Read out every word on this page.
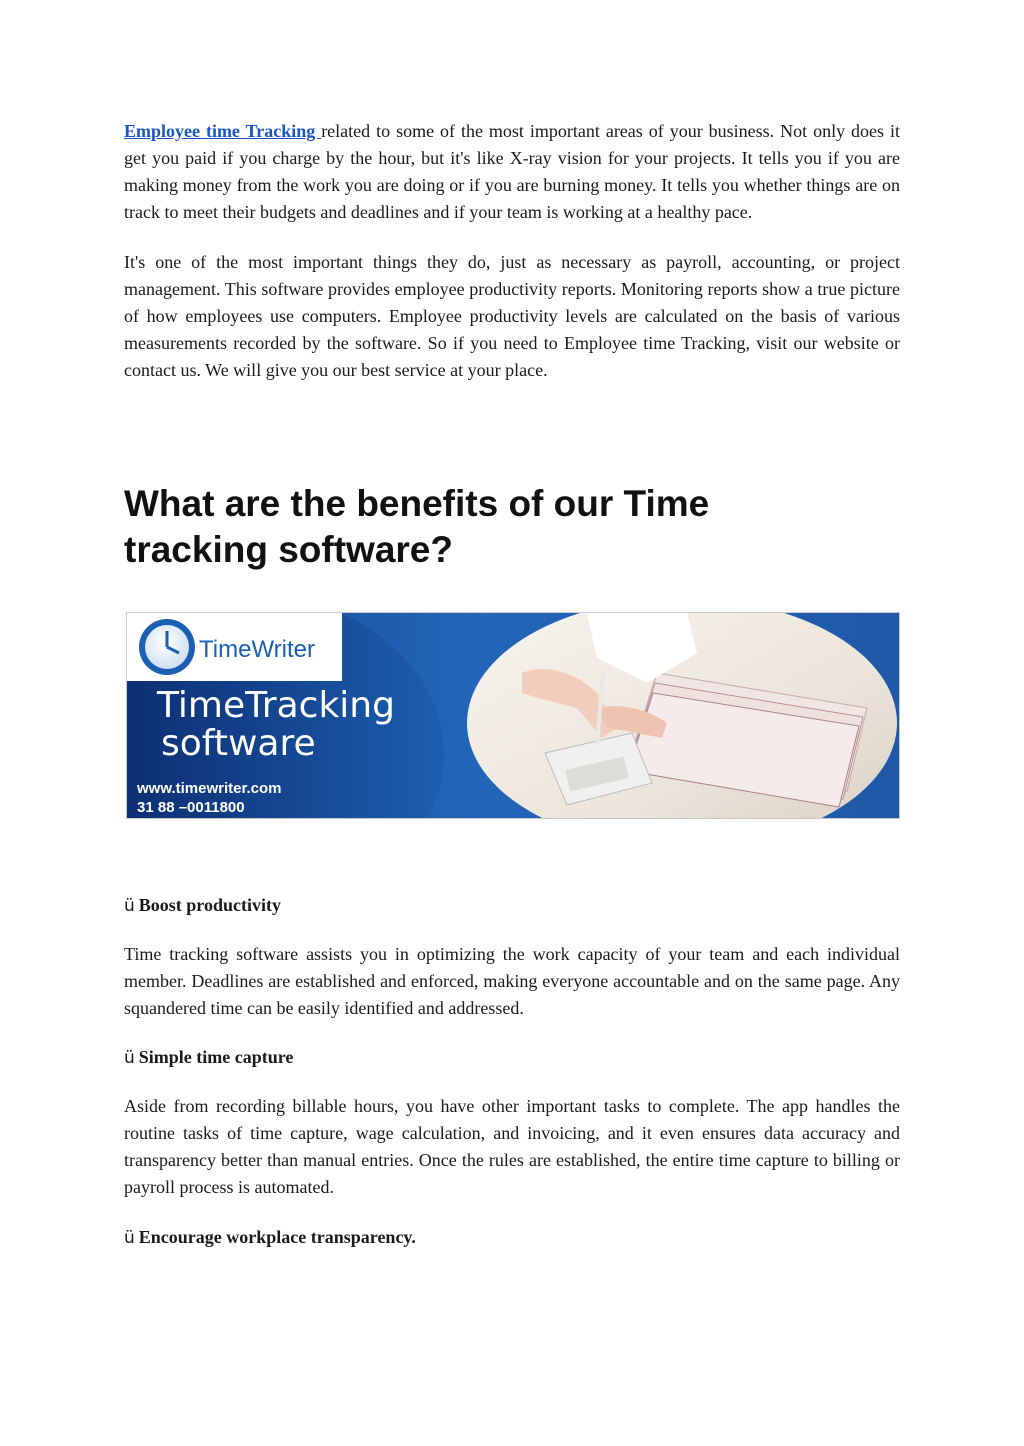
Employee time Tracking related to some of the most important areas of your business. Not only does it get you paid if you charge by the hour, but it's like X-ray vision for your projects. It tells you if you are making money from the work you are doing or if you are burning money. It tells you whether things are on track to meet their budgets and deadlines and if your team is working at a healthy pace.

It's one of the most important things they do, just as necessary as payroll, accounting, or project management. This software provides employee productivity reports. Monitoring reports show a true picture of how employees use computers. Employee productivity levels are calculated on the basis of various measurements recorded by the software. So if you need to Employee time Tracking, visit our website or contact us. We will give you our best service at your place.

What are the benefits of our Time tracking software?
TimeWriter
TimeTracking
software
www.timewriter.com
31 88 –0011800

ü Boost productivity

Time tracking software assists you in optimizing the work capacity of your team and each individual member. Deadlines are established and enforced, making everyone accountable and on the same page. Any squandered time can be easily identified and addressed.

ü Simple time capture

Aside from recording billable hours, you have other important tasks to complete. The app handles the routine tasks of time capture, wage calculation, and invoicing, and it even ensures data accuracy and transparency better than manual entries. Once the rules are established, the entire time capture to billing or payroll process is automated.

ü Encourage workplace transparency.
